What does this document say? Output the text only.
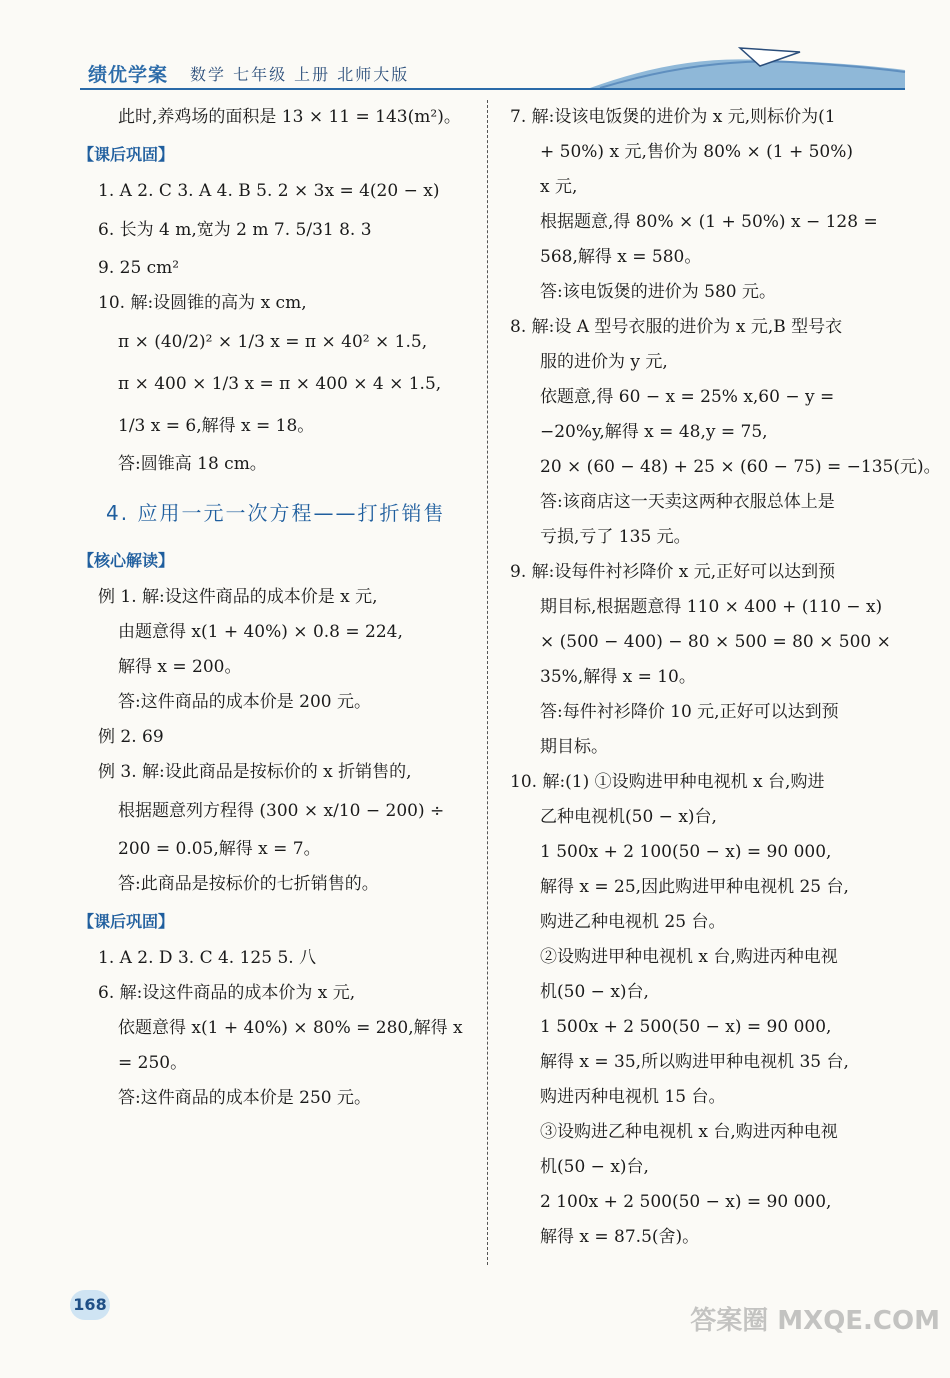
绩优学案 数学 七年级 上册 北师大版
此时,养鸡场的面积是 13 × 11 = 143(m²)。
【课后巩固】
1. A 2. C 3. A 4. B 5. 2 × 3x = 4(20 − x)
6. 长为 4 m,宽为 2 m 7. 5/31 8. 3
9. 25 cm²
10. 解:设圆锥的高为 x cm,
π × (40/2)² × 1/3 x = π × 40² × 1.5,
π × 400 × 1/3 x = π × 400 × 4 × 1.5,
1/3 x = 6,解得 x = 18。
答:圆锥高 18 cm。
4. 应用一元一次方程——打折销售
【核心解读】
例 1. 解:设这件商品的成本价是 x 元,
由题意得 x(1 + 40%) × 0.8 = 224,
解得 x = 200。
答:这件商品的成本价是 200 元。
例 2. 69
例 3. 解:设此商品是按标价的 x 折销售的,
根据题意列方程得 (300 × x/10 − 200) ÷
200 = 0.05,解得 x = 7。
答:此商品是按标价的七折销售的。
【课后巩固】
1. A 2. D 3. C 4. 125 5. 八
6. 解:设这件商品的成本价为 x 元,
依题意得 x(1 + 40%) × 80% = 280,解得 x
= 250。
答:这件商品的成本价是 250 元。
7. 解:设该电饭煲的进价为 x 元,则标价为(1
+ 50%) x 元,售价为 80% × (1 + 50%)
x 元,
根据题意,得 80% × (1 + 50%) x − 128 =
568,解得 x = 580。
答:该电饭煲的进价为 580 元。
8. 解:设 A 型号衣服的进价为 x 元,B 型号衣
服的进价为 y 元,
依题意,得 60 − x = 25% x,60 − y =
−20%y,解得 x = 48,y = 75,
20 × (60 − 48) + 25 × (60 − 75) = −135(元)。
答:该商店这一天卖这两种衣服总体上是
亏损,亏了 135 元。
9. 解:设每件衬衫降价 x 元,正好可以达到预
期目标,根据题意得 110 × 400 + (110 − x)
× (500 − 400) − 80 × 500 = 80 × 500 ×
35%,解得 x = 10。
答:每件衬衫降价 10 元,正好可以达到预
期目标。
10. 解:(1) ①设购进甲种电视机 x 台,购进
乙种电视机(50 − x)台,
1 500x + 2 100(50 − x) = 90 000,
解得 x = 25,因此购进甲种电视机 25 台,
购进乙种电视机 25 台。
②设购进甲种电视机 x 台,购进丙种电视
机(50 − x)台,
1 500x + 2 500(50 − x) = 90 000,
解得 x = 35,所以购进甲种电视机 35 台,
购进丙种电视机 15 台。
③设购进乙种电视机 x 台,购进丙种电视
机(50 − x)台,
2 100x + 2 500(50 − x) = 90 000,
解得 x = 87.5(舍)。
168
答案圈 MXQE.COM
